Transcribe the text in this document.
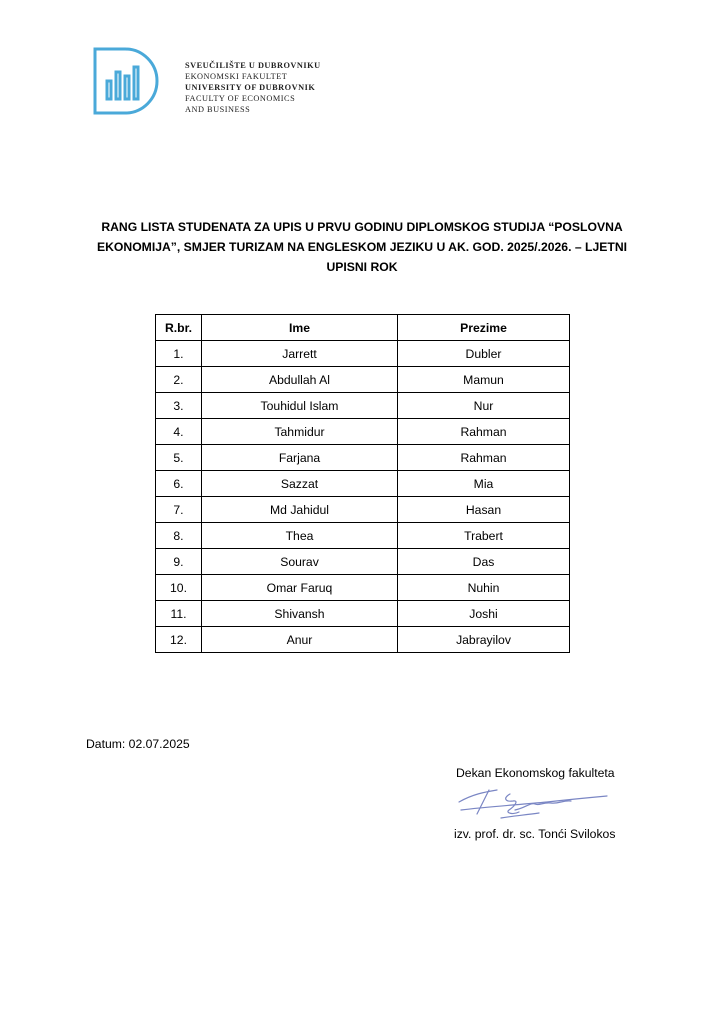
SVEUČILIŠTE U DUBROVNIKU
EKONOMSKI FAKULTET
UNIVERSITY OF DUBROVNIK
FACULTY OF ECONOMICS
AND BUSINESS
RANG LISTA STUDENATA ZA UPIS U PRVU GODINU DIPLOMSKOG STUDIJA “POSLOVNA
EKONOMIJA”, SMJER TURIZAM NA ENGLESKOM JEZIKU U AK. GOD. 2025/.2026. – LJETNI
UPISNI ROK
R.br.	Ime	Prezime
1.	Jarrett	Dubler
2.	Abdullah Al	Mamun
3.	Touhidul Islam	Nur
4.	Tahmidur	Rahman
5.	Farjana	Rahman
6.	Sazzat	Mia
7.	Md Jahidul	Hasan
8.	Thea	Trabert
9.	Sourav	Das
10.	Omar Faruq	Nuhin
11.	Shivansh	Joshi
12.	Anur	Jabrayilov
Datum: 02.07.2025
Dekan Ekonomskog fakulteta
izv. prof. dr. sc. Tonći Svilokos
